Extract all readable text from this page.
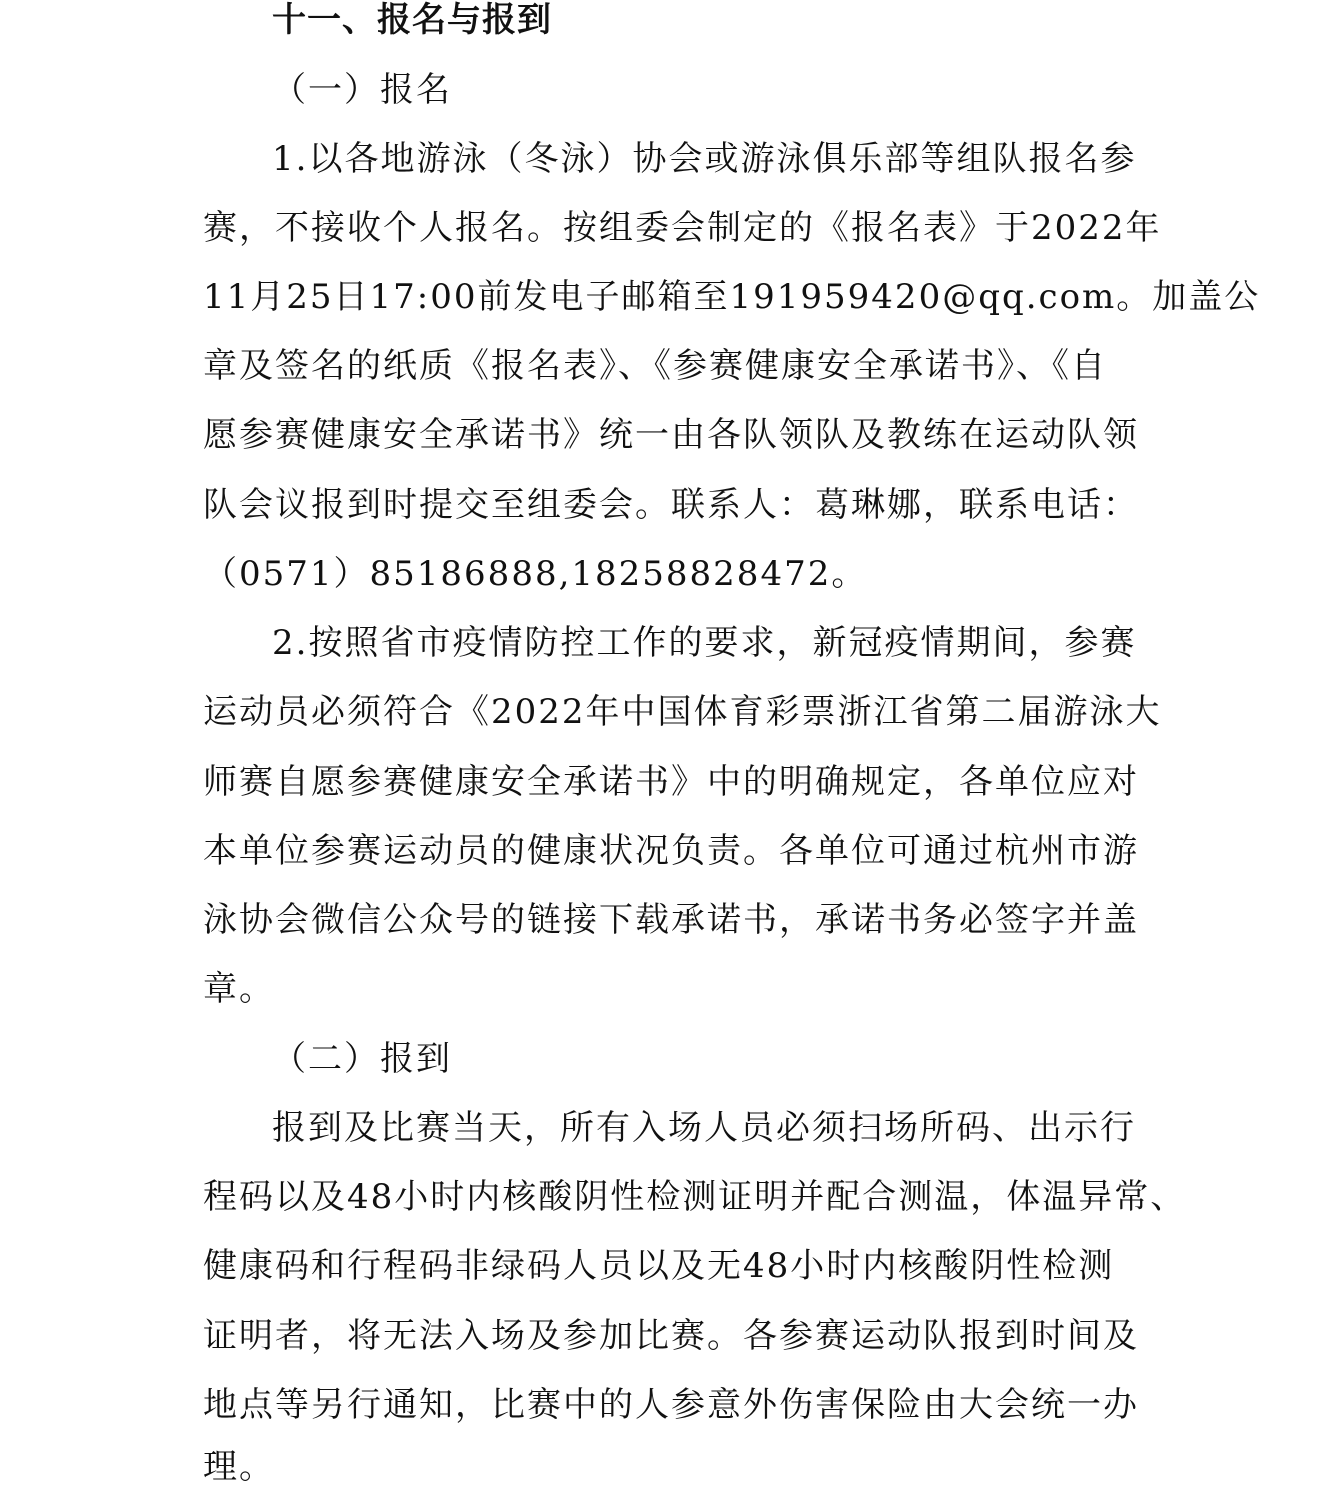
十一、报名与报到
（一）报名
1.以各地游泳（冬泳）协会或游泳俱乐部等组队报名参
赛，不接收个人报名。按组委会制定的《报名表》于2022年
11月25日17:00前发电子邮箱至191959420@qq.com。加盖公
章及签名的纸质《报名表》、《参赛健康安全承诺书》、《自
愿参赛健康安全承诺书》统一由各队领队及教练在运动队领
队会议报到时提交至组委会。联系人：葛琳娜，联系电话：
（0571）85186888,18258828472。
2.按照省市疫情防控工作的要求，新冠疫情期间，参赛
运动员必须符合《2022年中国体育彩票浙江省第二届游泳大
师赛自愿参赛健康安全承诺书》中的明确规定，各单位应对
本单位参赛运动员的健康状况负责。各单位可通过杭州市游
泳协会微信公众号的链接下载承诺书，承诺书务必签字并盖
章。
（二）报到
报到及比赛当天，所有入场人员必须扫场所码、出示行
程码以及48小时内核酸阴性检测证明并配合测温，体温异常、
健康码和行程码非绿码人员以及无48小时内核酸阴性检测
证明者，将无法入场及参加比赛。各参赛运动队报到时间及
地点等另行通知，比赛中的人参意外伤害保险由大会统一办
理。
